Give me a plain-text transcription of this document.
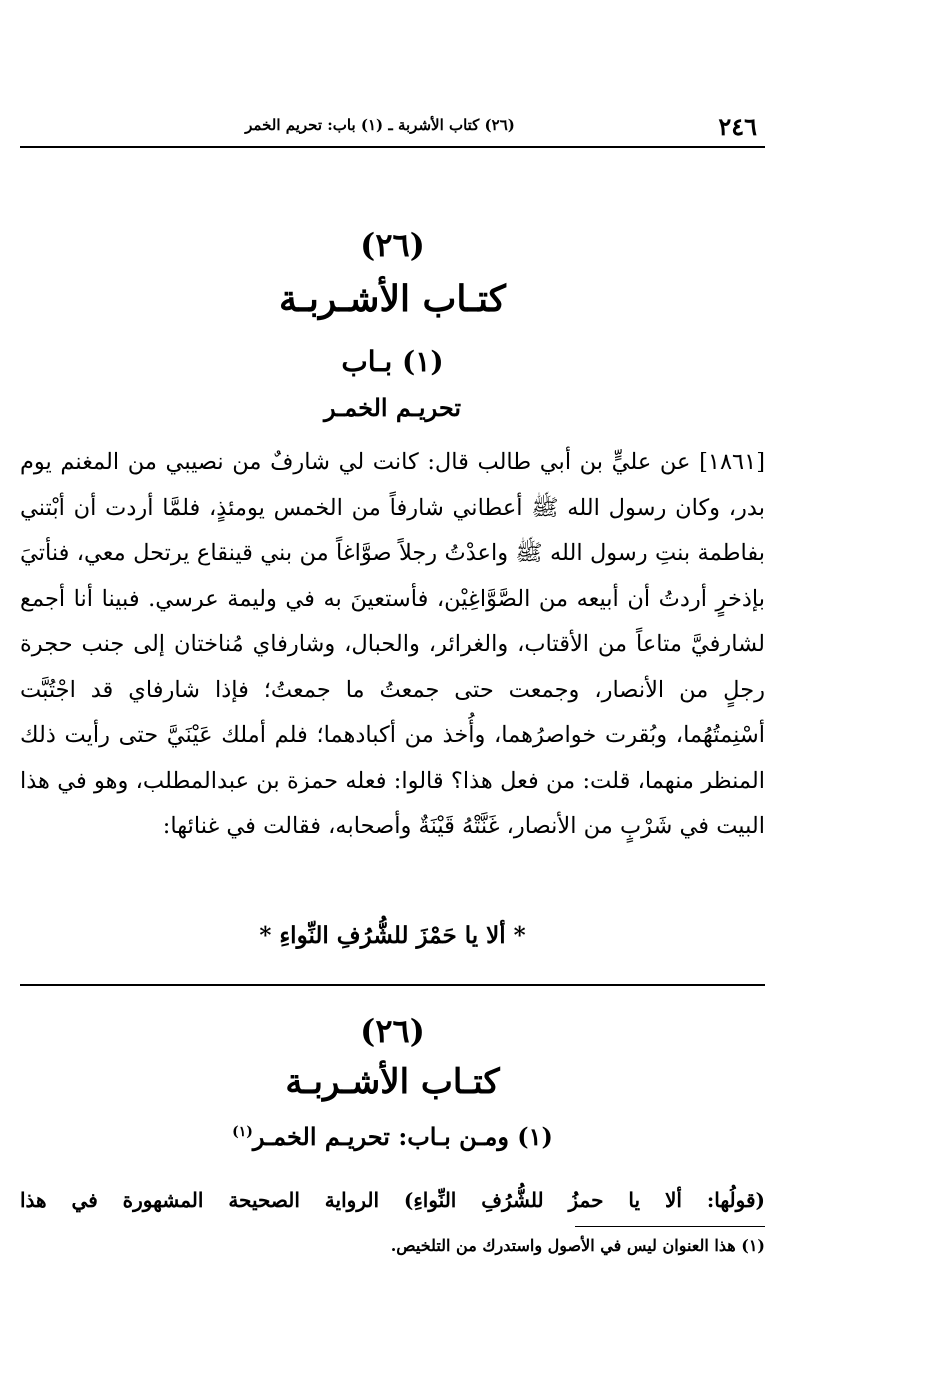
٢٤٦
(٢٦) كتاب الأشربة ـ (١) باب: تحريم الخمر
(٢٦)
كتـاب الأشـربـة
(١) بـاب
تحريـم الخمـر

[١٨٦١] عن عليٍّ بن أبي طالب قال: كانت لي شارفٌ من نصيبي من المغنم يوم بدر، وكان رسول الله ﷺ أعطاني شارفاً من الخمس يومئذٍ، فلمَّا أردت أن أبْتني بفاطمة بنتِ رسول الله ﷺ واعدْتُ رجلاً صوَّاغاً من بني قينقاع يرتحل معي، فنأتيَ بإذخرٍ أردتُ أن أبيعه من الصَّوَّاغِيْن، فأستعينَ به في وليمة عرسي. فبينا أنا أجمع لشارفيَّ متاعاً من الأقتاب، والغرائر، والحبال، وشارفاي مُناختان إلى جنب حجرة رجلٍ من الأنصار، وجمعت حتى جمعتُ ما جمعتُ؛ فإذا شارفاي قد اجْتُبَّت أسْنِمتُهُما، وبُقرت خواصرُهما، وأُخذ من أكبادهما؛ فلم أملك عَيْنَيَّ حتى رأيت ذلك المنظر منهما، قلت: من فعل هذا؟ قالوا: فعله حمزة بن عبدالمطلب، وهو في هذا البيت في شَرْبٍ من الأنصار، غَنَّتْهُ قَيْنَةٌ وأصحابه، فقالت في غنائها:

* ألا يا حَمْزَ للشُّرُفِ النِّواءِ *
(٢٦)
كتـاب الأشـربـة
(١) ومـن بـاب: تحريـم الخمـر$^{(١)}$
(قولُها: ألا يا حمزُ للشُّرُفِ النِّواءِ) الرواية الصحيحة المشهورة في هذا
(١) هذا العنوان ليس في الأصول واستدرك من التلخيص.
